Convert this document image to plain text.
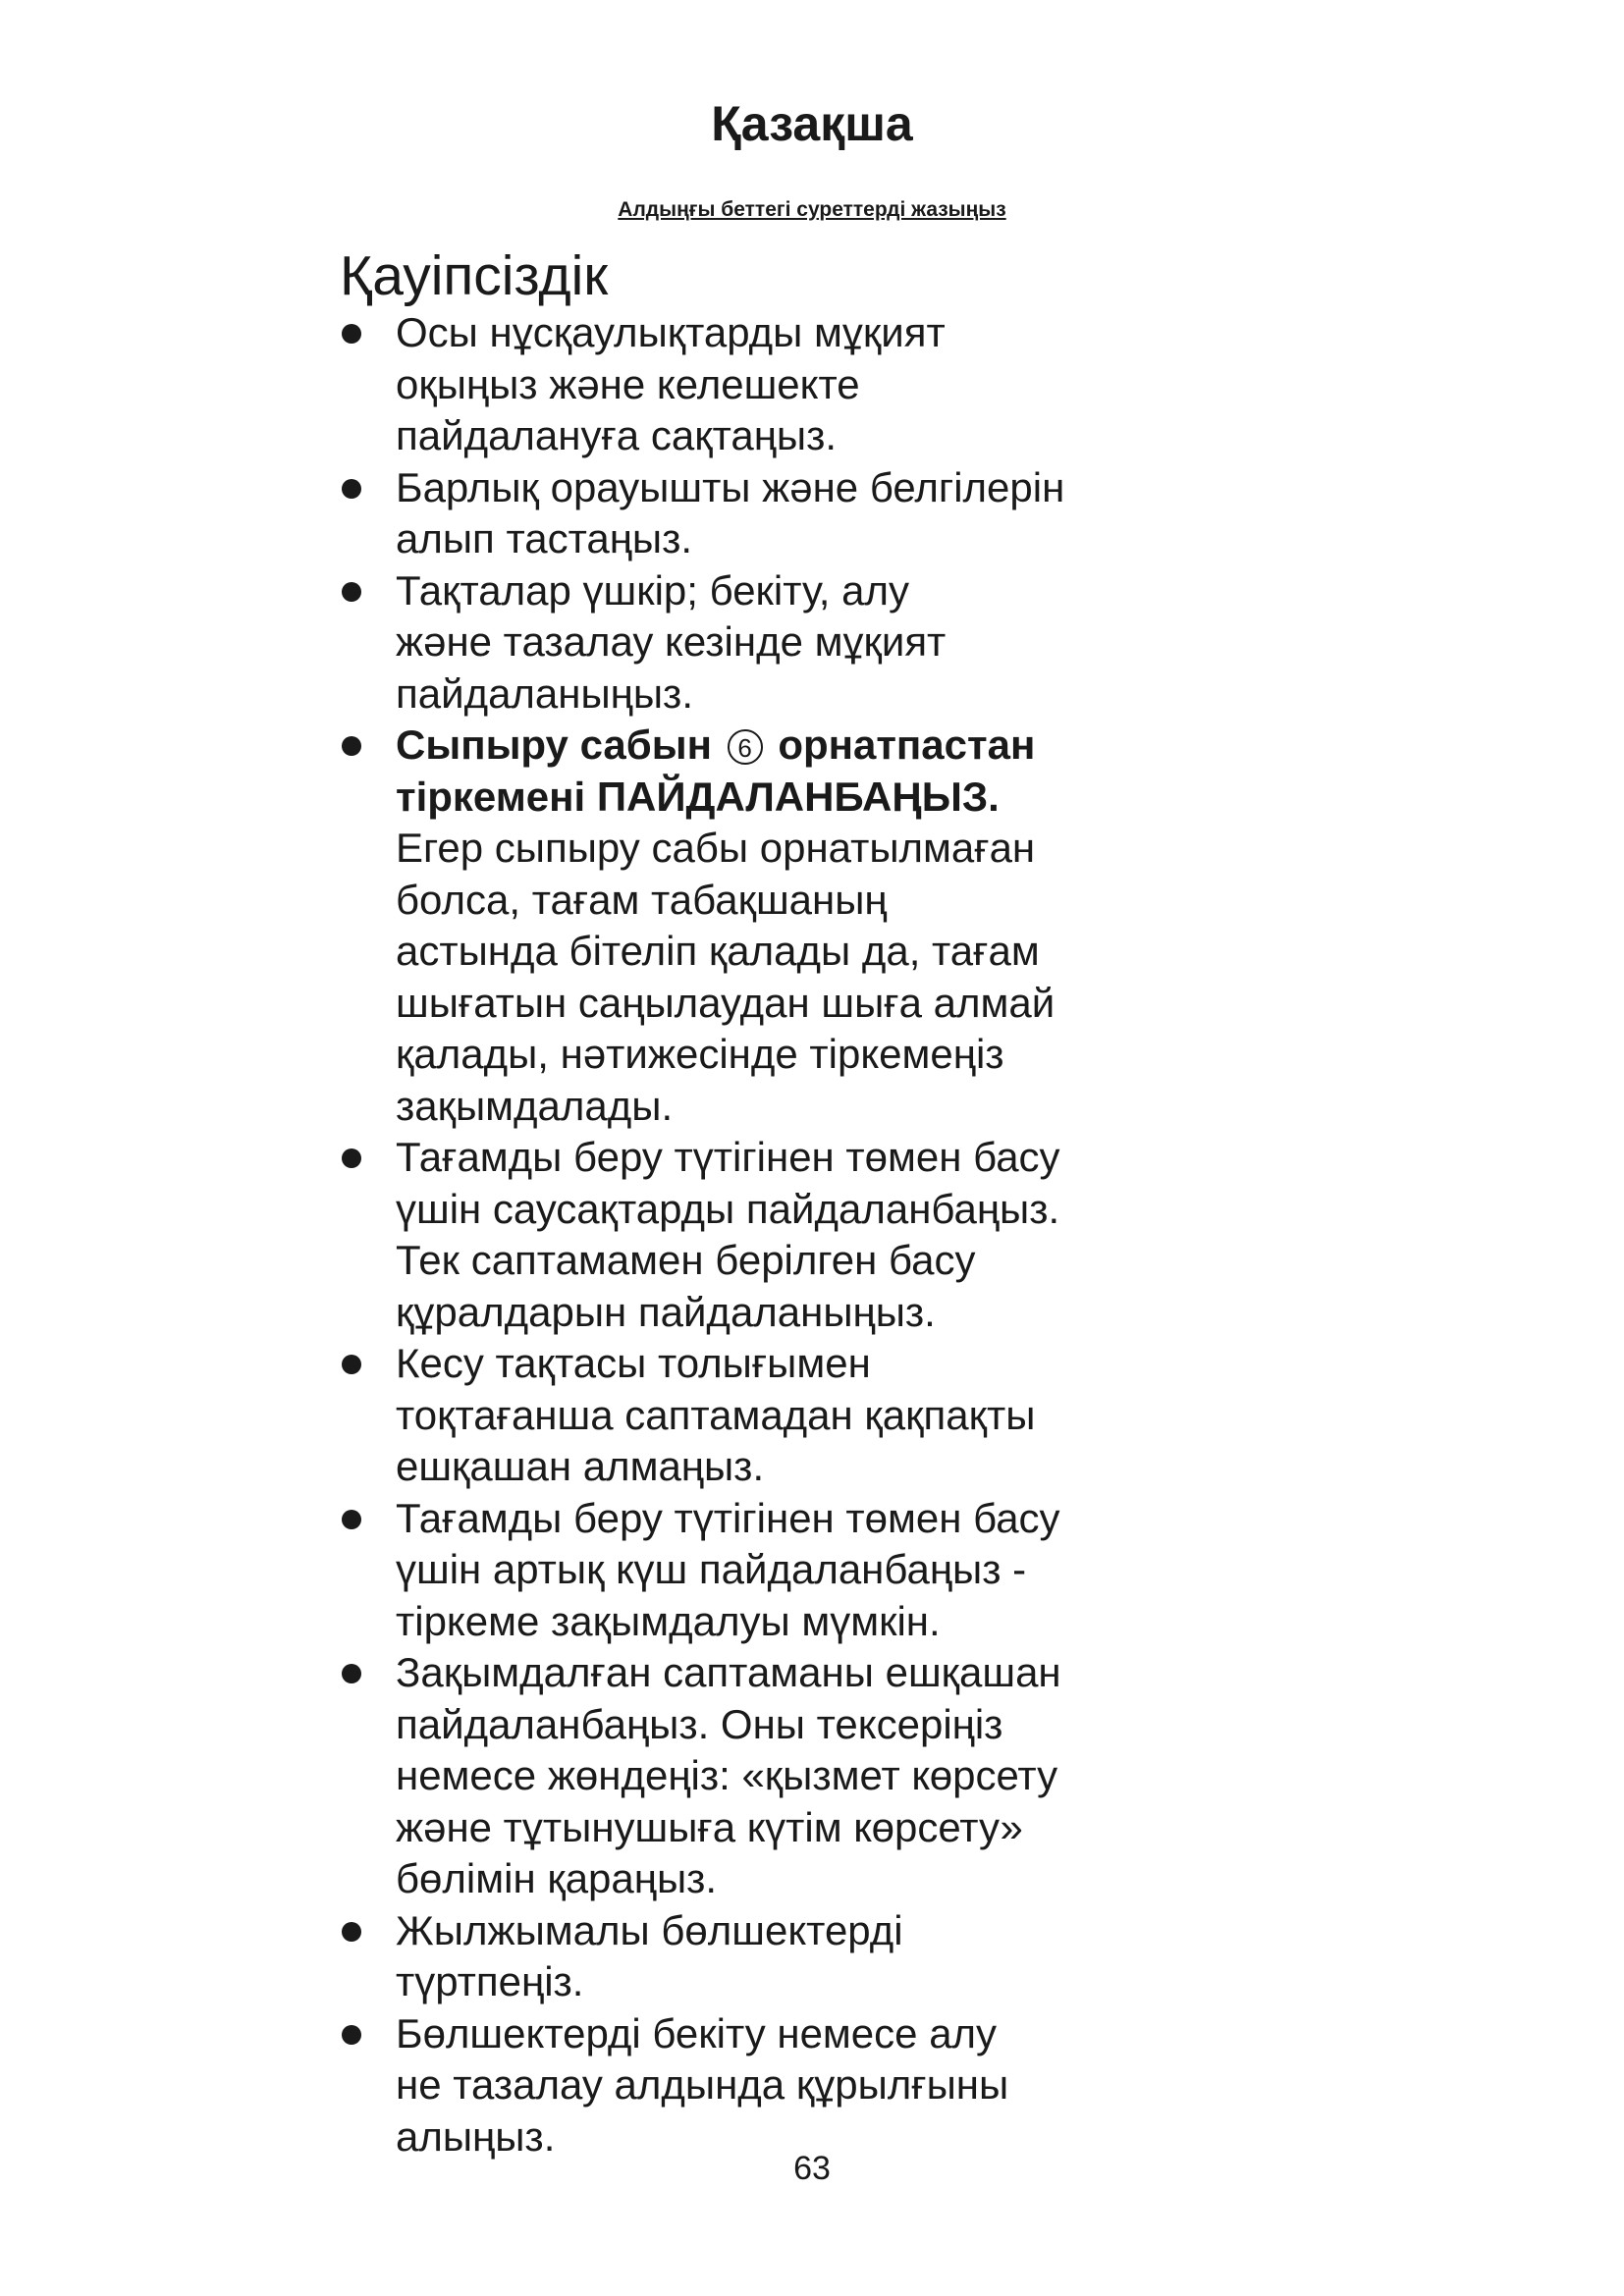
Қазақша

Алдыңғы беттегі суреттерді жазыңыз

Қауіпсіздік
Осы нұсқаулықтарды мұқият
оқыңыз және келешекте
пайдалануға сақтаңыз.
Барлық орауышты және белгілерін
алып тастаңыз.
Тақталар үшкір; бекіту, алу
және тазалау кезінде мұқият
пайдаланыңыз.
Сыпыру сабын 6 орнатпастан
тіркемені ПАЙДАЛАНБАҢЫЗ.
Егер сыпыру сабы орнатылмаған
болса, тағам табақшаның
астында бітеліп қалады да, тағам
шығатын саңылаудан шыға алмай
қалады, нәтижесінде тіркемеңіз
зақымдалады.
Тағамды беру түтігінен төмен басу
үшін саусақтарды пайдаланбаңыз.
Тек саптамамен берілген басу
құралдарын пайдаланыңыз.
Кесу тақтасы толығымен
тоқтағанша саптамадан қақпақты
ешқашан алмаңыз.
Тағамды беру түтігінен төмен басу
үшін артық күш пайдаланбаңыз -
тіркеме зақымдалуы мүмкін.
Зақымдалған саптаманы ешқашан
пайдаланбаңыз. Оны тексеріңіз
немесе жөндеңіз: «қызмет көрсету
және тұтынушыға күтім көрсету»
бөлімін қараңыз.
Жылжымалы бөлшектерді
түртпеңіз.
Бөлшектерді бекіту немесе алу
не тазалау алдында құрылғыны
алыңыз.
63
